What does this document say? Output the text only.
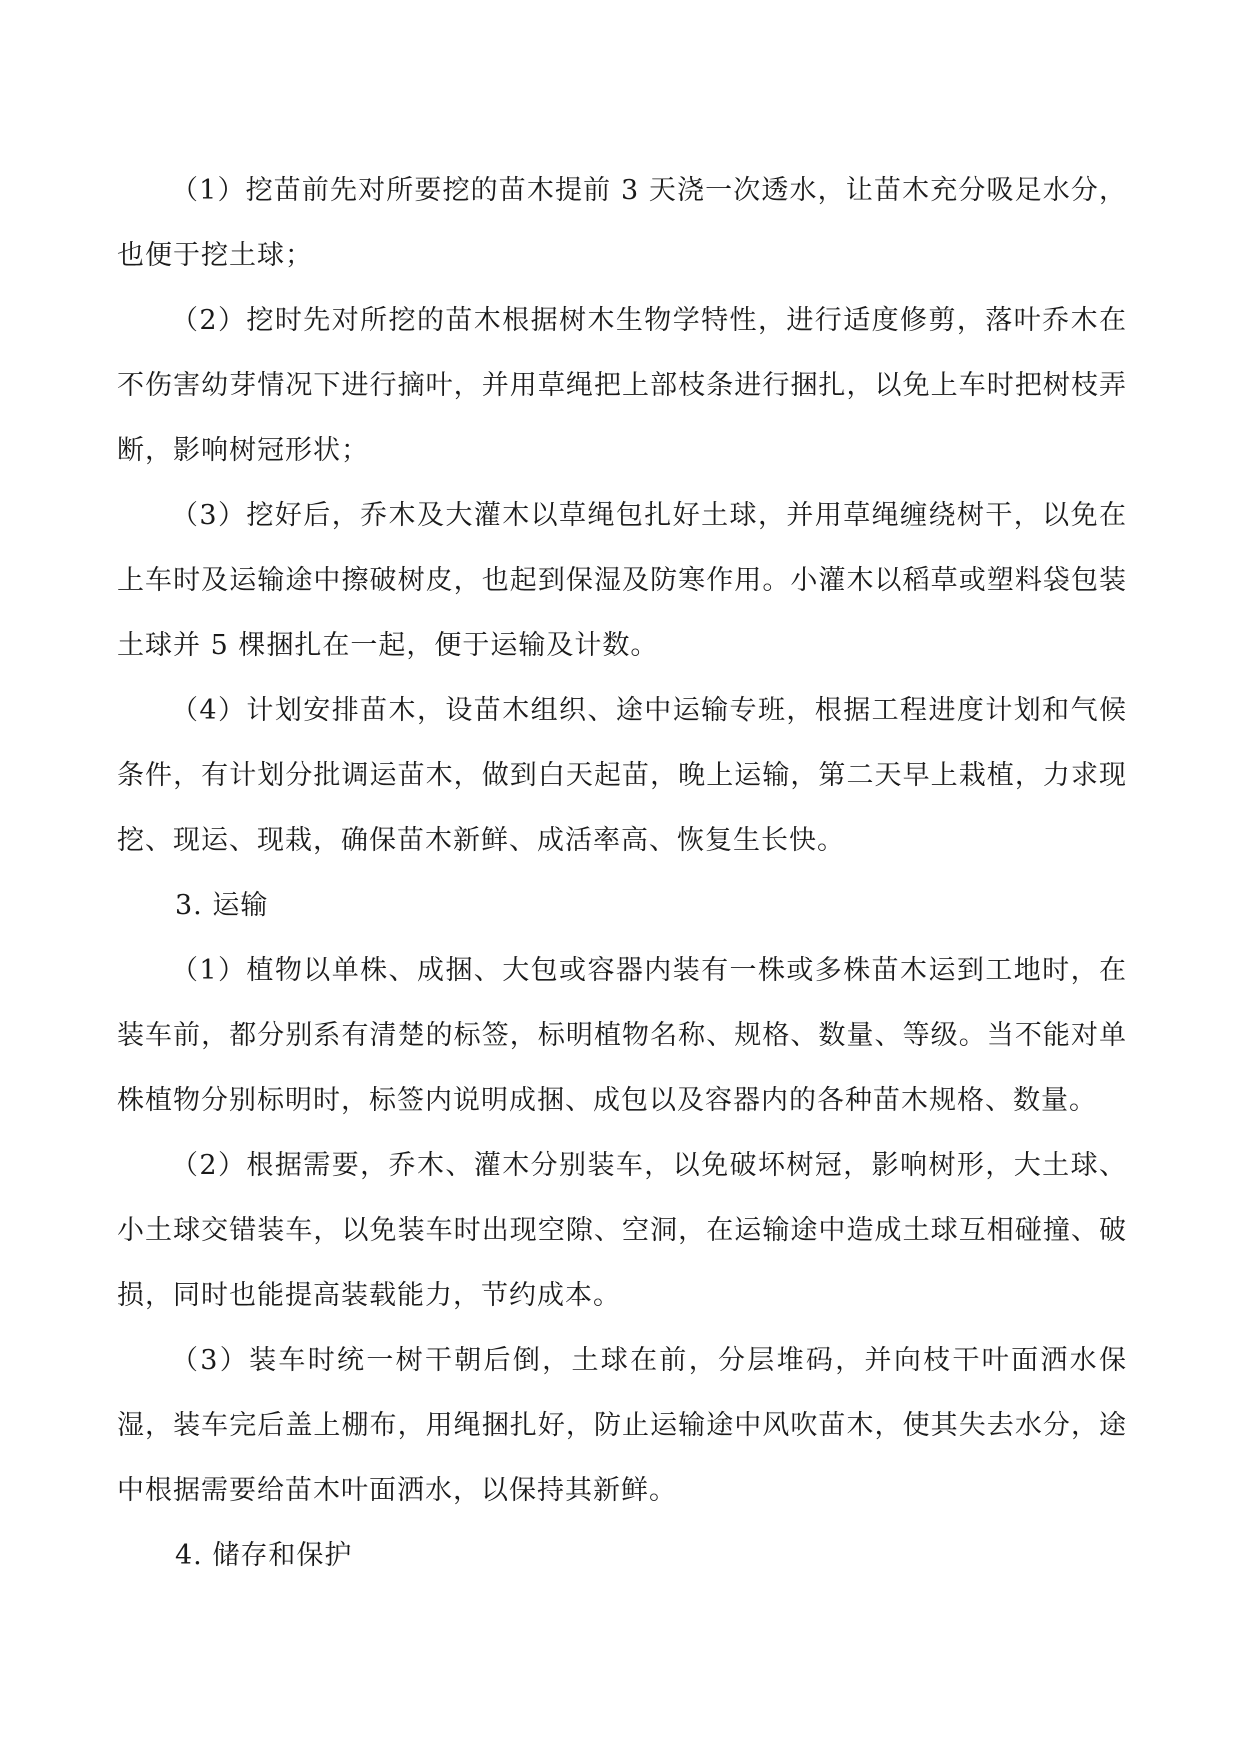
（1）挖苗前先对所要挖的苗木提前 3 天浇一次透水，让苗木充分吸足水分，也便于挖土球；

（2）挖时先对所挖的苗木根据树木生物学特性，进行适度修剪，落叶乔木在不伤害幼芽情况下进行摘叶，并用草绳把上部枝条进行捆扎，以免上车时把树枝弄断，影响树冠形状；

（3）挖好后，乔木及大灌木以草绳包扎好土球，并用草绳缠绕树干，以免在上车时及运输途中擦破树皮，也起到保湿及防寒作用。小灌木以稻草或塑料袋包装土球并 5 棵捆扎在一起，便于运输及计数。

（4）计划安排苗木，设苗木组织、途中运输专班，根据工程进度计划和气候条件，有计划分批调运苗木，做到白天起苗，晚上运输，第二天早上栽植，力求现挖、现运、现栽，确保苗木新鲜、成活率高、恢复生长快。

3. 运输

（1）植物以单株、成捆、大包或容器内装有一株或多株苗木运到工地时，在装车前，都分别系有清楚的标签，标明植物名称、规格、数量、等级。当不能对单株植物分别标明时，标签内说明成捆、成包以及容器内的各种苗木规格、数量。

（2）根据需要，乔木、灌木分别装车，以免破坏树冠，影响树形，大土球、小土球交错装车，以免装车时出现空隙、空洞，在运输途中造成土球互相碰撞、破损，同时也能提高装载能力，节约成本。

（3）装车时统一树干朝后倒，土球在前，分层堆码，并向枝干叶面洒水保湿，装车完后盖上棚布，用绳捆扎好，防止运输途中风吹苗木，使其失去水分，途中根据需要给苗木叶面洒水，以保持其新鲜。

4. 储存和保护
